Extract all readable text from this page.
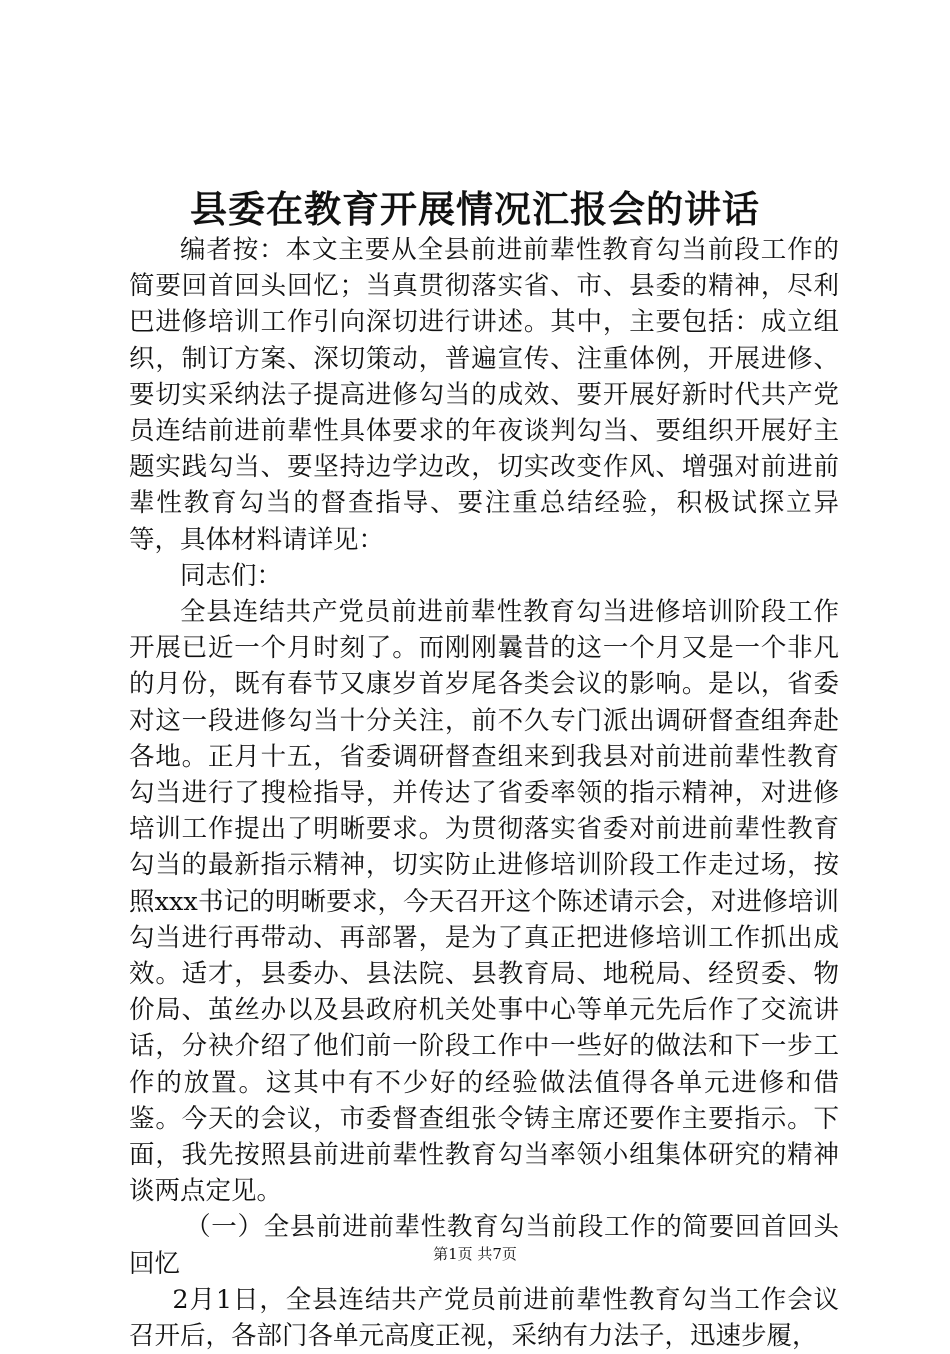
县委在教育开展情况汇报会的讲话

编者按：本文主要从全县前进前辈性教育勾当前段工作的简要回首回头回忆；当真贯彻落实省、市、县委的精神，尽利巴进修培训工作引向深切进行讲述。其中，主要包括：成立组织，制订方案、深切策动，普遍宣传、注重体例，开展进修、要切实采纳法子提高进修勾当的成效、要开展好新时代共产党员连结前进前辈性具体要求的年夜谈判勾当、要组织开展好主题实践勾当、要坚持边学边改，切实改变作风、增强对前进前辈性教育勾当的督查指导、要注重总结经验，积极试探立异等，具体材料请详见：

同志们：

全县连结共产党员前进前辈性教育勾当进修培训阶段工作开展已近一个月时刻了。而刚刚曩昔的这一个月又是一个非凡的月份，既有春节又康岁首岁尾各类会议的影响。是以，省委对这一段进修勾当十分关注，前不久专门派出调研督查组奔赴各地。正月十五，省委调研督查组来到我县对前进前辈性教育勾当进行了搜检指导，并传达了省委率领的指示精神，对进修培训工作提出了明晰要求。为贯彻落实省委对前进前辈性教育勾当的最新指示精神，切实防止进修培训阶段工作走过场，按照xxx书记的明晰要求，今天召开这个陈述请示会，对进修培训勾当进行再带动、再部署，是为了真正把进修培训工作抓出成效。适才，县委办、县法院、县教育局、地税局、经贸委、物价局、茧丝办以及县政府机关处事中心等单元先后作了交流讲话，分袂介绍了他们前一阶段工作中一些好的做法和下一步工作的放置。这其中有不少好的经验做法值得各单元进修和借鉴。今天的会议，市委督查组张令铸主席还要作主要指示。下面，我先按照县前进前辈性教育勾当率领小组集体研究的精神谈两点定见。

（一）全县前进前辈性教育勾当前段工作的简要回首回头回忆

2月1日，全县连结共产党员前进前辈性教育勾当工作会议召开后，各部门各单元高度正视，采纳有力法子，迅速步履，

第1页 共7页
